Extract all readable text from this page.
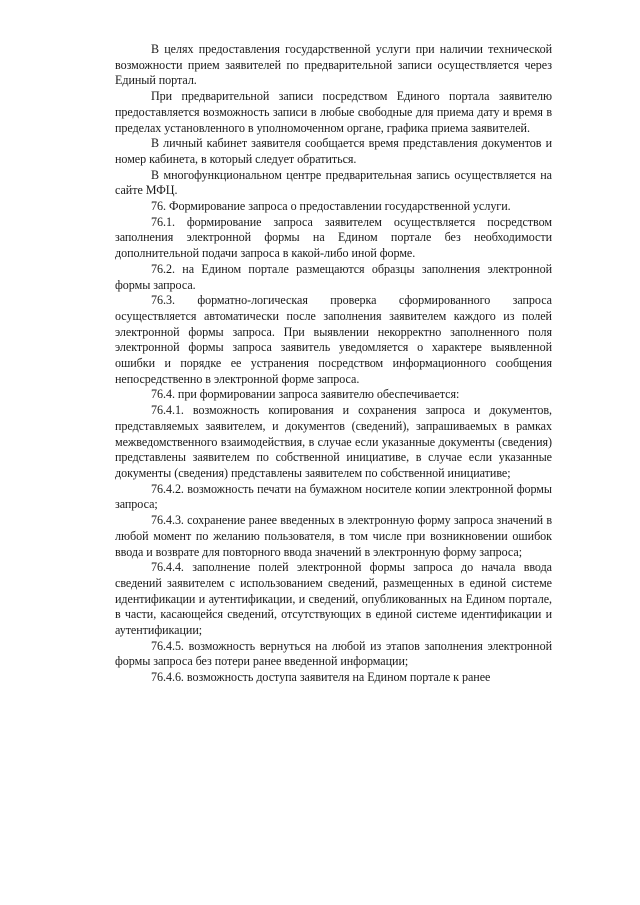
В целях предоставления государственной услуги при наличии технической возможности прием заявителей по предварительной записи осуществляется через Единый портал.

При предварительной записи посредством Единого портала заявителю предоставляется возможность записи в любые свободные для приема дату и время в пределах установленного в уполномоченном органе, графика приема заявителей.

В личный кабинет заявителя сообщается время представления документов и номер кабинета, в который следует обратиться.

В многофункциональном центре предварительная запись осуществляется на сайте МФЦ.

76. Формирование запроса о предоставлении государственной услуги.

76.1. формирование запроса заявителем осуществляется посредством заполнения электронной формы на Едином портале без необходимости дополнительной подачи запроса в какой-либо иной форме.

76.2. на Едином портале размещаются образцы заполнения электронной формы запроса.

76.3. форматно-логическая проверка сформированного запроса осуществляется автоматически после заполнения заявителем каждого из полей электронной формы запроса. При выявлении некорректно заполненного поля электронной формы запроса заявитель уведомляется о характере выявленной ошибки и порядке ее устранения посредством информационного сообщения непосредственно в электронной форме запроса.

76.4. при формировании запроса заявителю обеспечивается:

76.4.1. возможность копирования и сохранения запроса и документов, представляемых заявителем, и документов (сведений), запрашиваемых в рамках межведомственного взаимодействия, в случае если указанные документы (сведения) представлены заявителем по собственной инициативе, в случае если указанные документы (сведения) представлены заявителем по собственной инициативе;

76.4.2. возможность печати на бумажном носителе копии электронной формы запроса;

76.4.3. сохранение ранее введенных в электронную форму запроса значений в любой момент по желанию пользователя, в том числе при возникновении ошибок ввода и возврате для повторного ввода значений в электронную форму запроса;

76.4.4. заполнение полей электронной формы запроса до начала ввода сведений заявителем с использованием сведений, размещенных в единой системе идентификации и аутентификации, и сведений, опубликованных на Едином портале, в части, касающейся сведений, отсутствующих в единой системе идентификации и аутентификации;

76.4.5. возможность вернуться на любой из этапов заполнения электронной формы запроса без потери ранее введенной информации;

76.4.6. возможность доступа заявителя на Едином портале к ранее
